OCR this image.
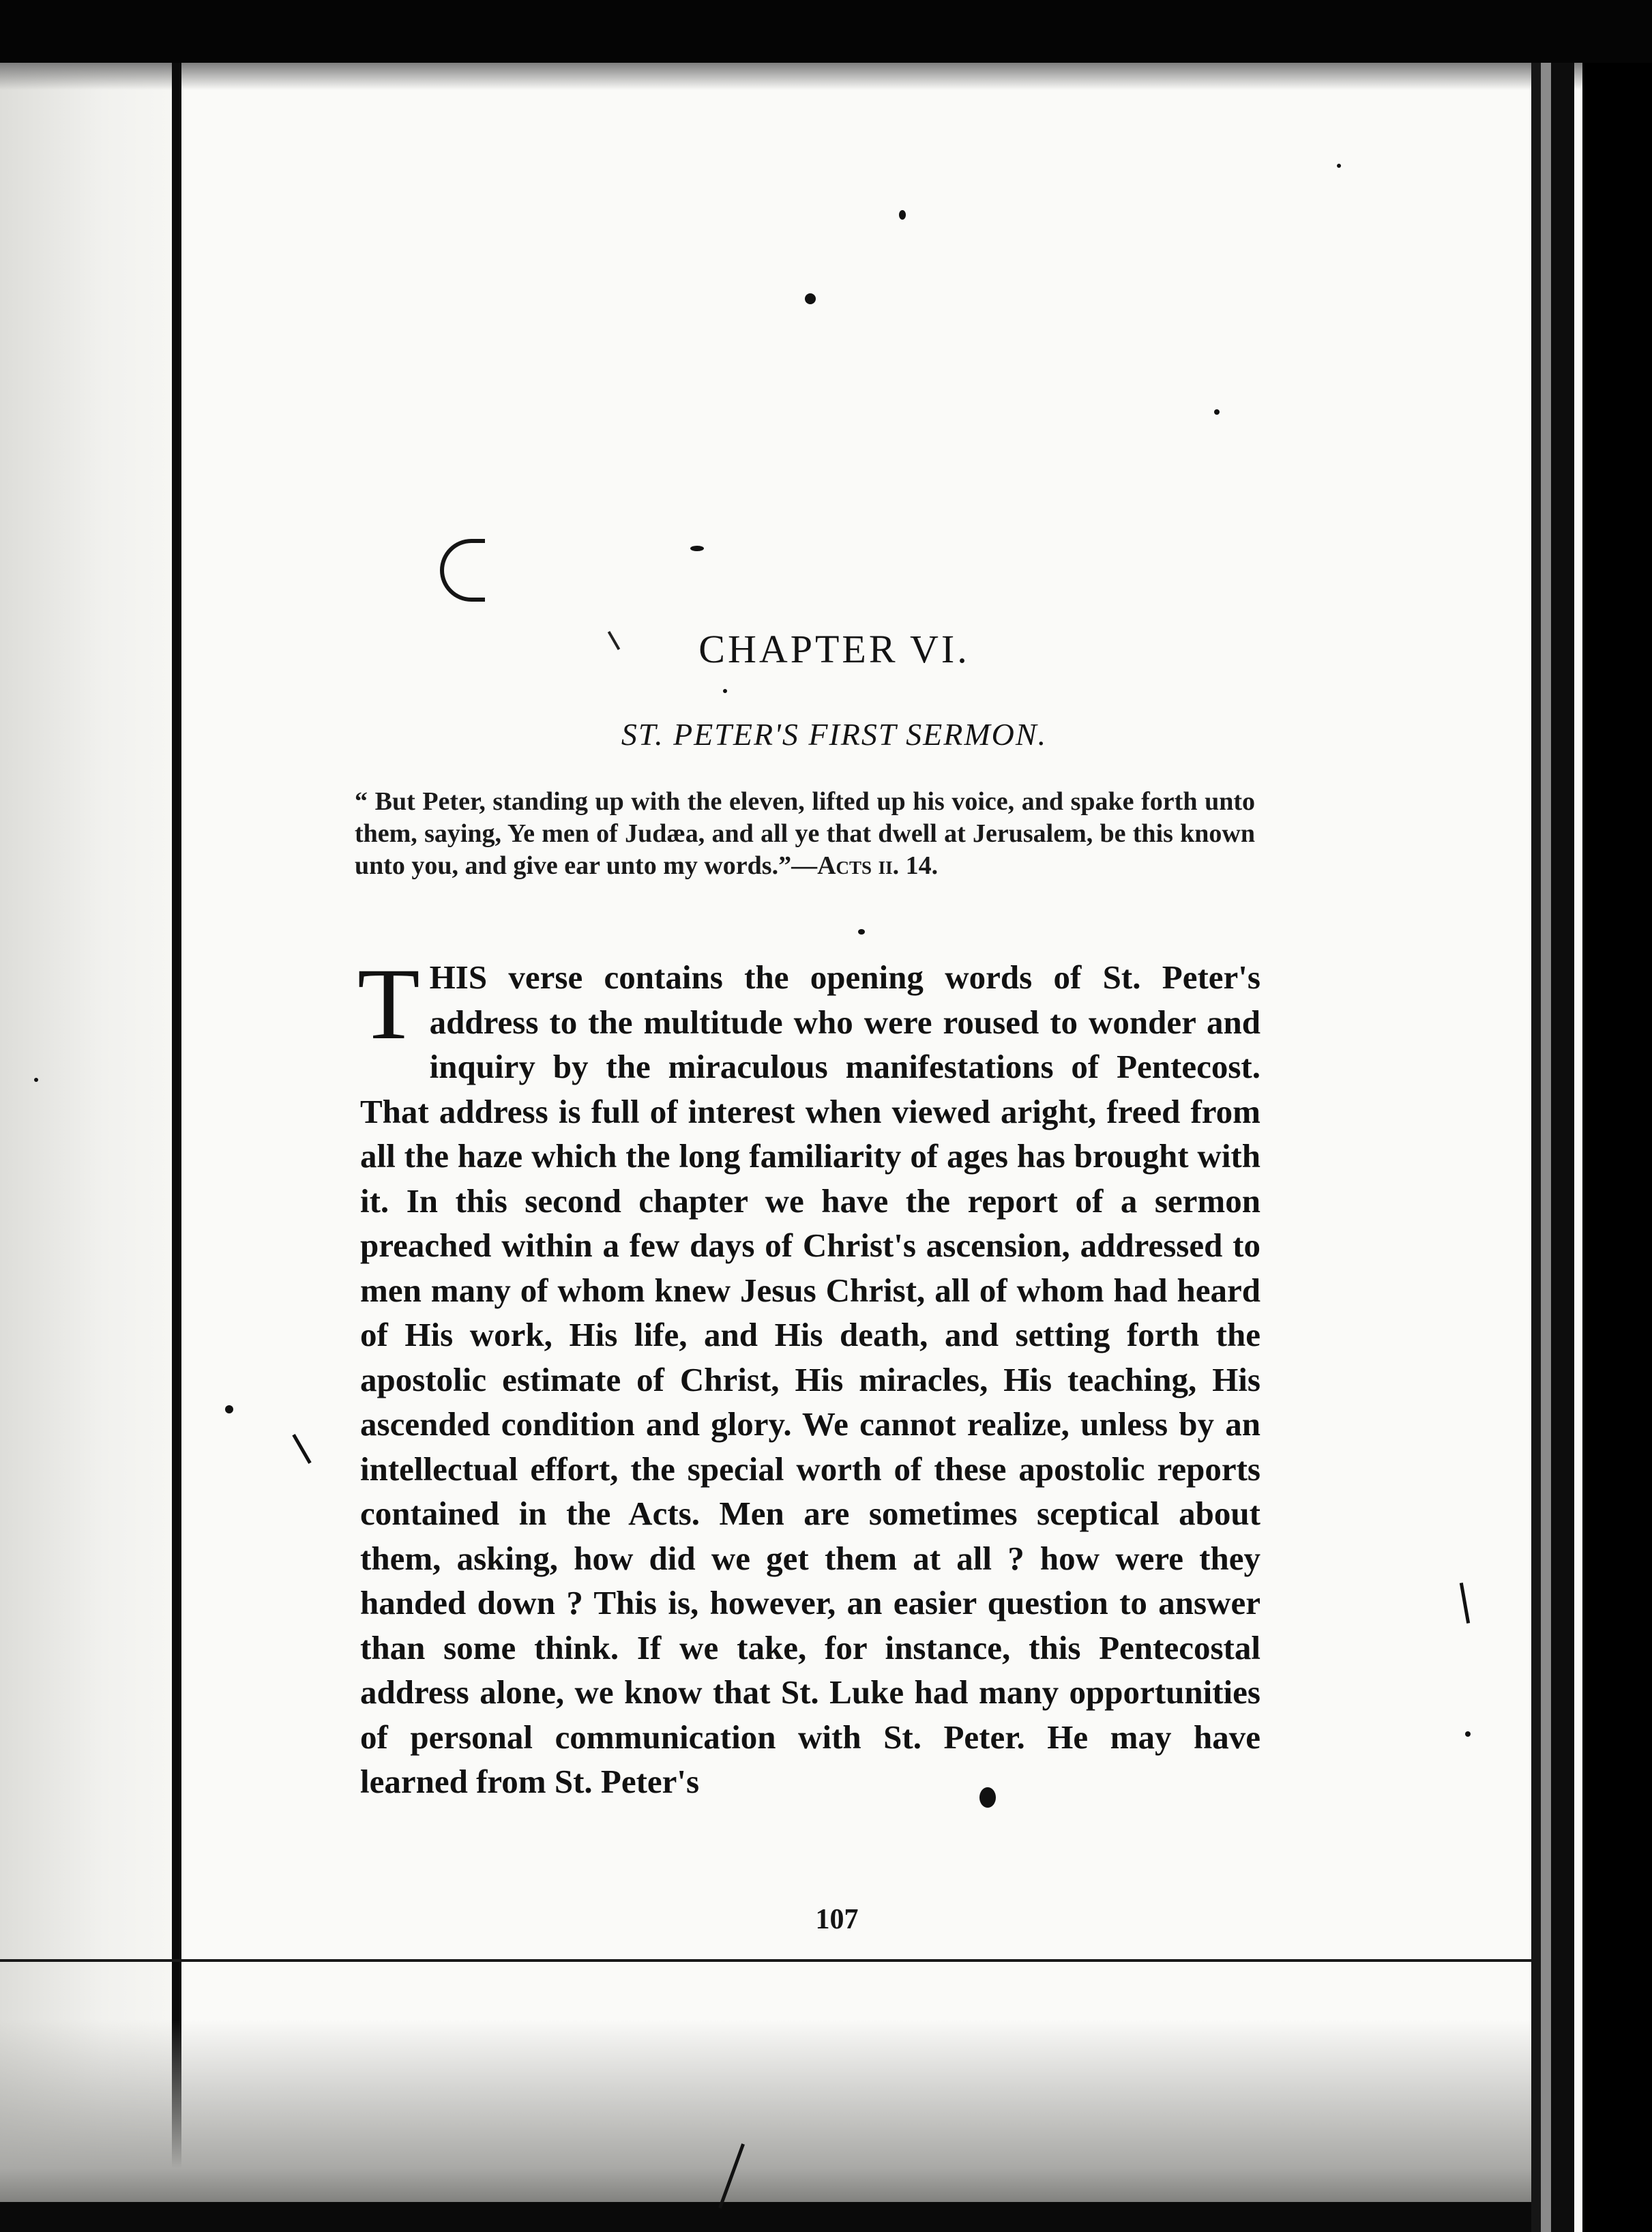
CHAPTER VI.
ST. PETER'S FIRST SERMON.
“ But Peter, standing up with the eleven, lifted up his voice, and spake forth unto them, saying, Ye men of Judæa, and all ye that dwell at Jerusalem, be this known unto you, and give ear unto my words.”—Acts ii. 14.
THIS verse contains the opening words of St. Peter's address to the multitude who were roused to wonder and inquiry by the miraculous manifestations of Pentecost. That address is full of interest when viewed aright, freed from all the haze which the long familiarity of ages has brought with it. In this second chapter we have the report of a sermon preached within a few days of Christ's ascension, addressed to men many of whom knew Jesus Christ, all of whom had heard of His work, His life, and His death, and setting forth the apostolic estimate of Christ, His miracles, His teaching, His ascended condition and glory. We cannot realize, unless by an intellectual effort, the special worth of these apostolic reports contained in the Acts. Men are sometimes sceptical about them, asking, how did we get them at all ? how were they handed down ? This is, however, an easier question to answer than some think. If we take, for instance, this Pentecostal address alone, we know that St. Luke had many opportunities of personal communication with St. Peter. He may have learned from St. Peter's
107
